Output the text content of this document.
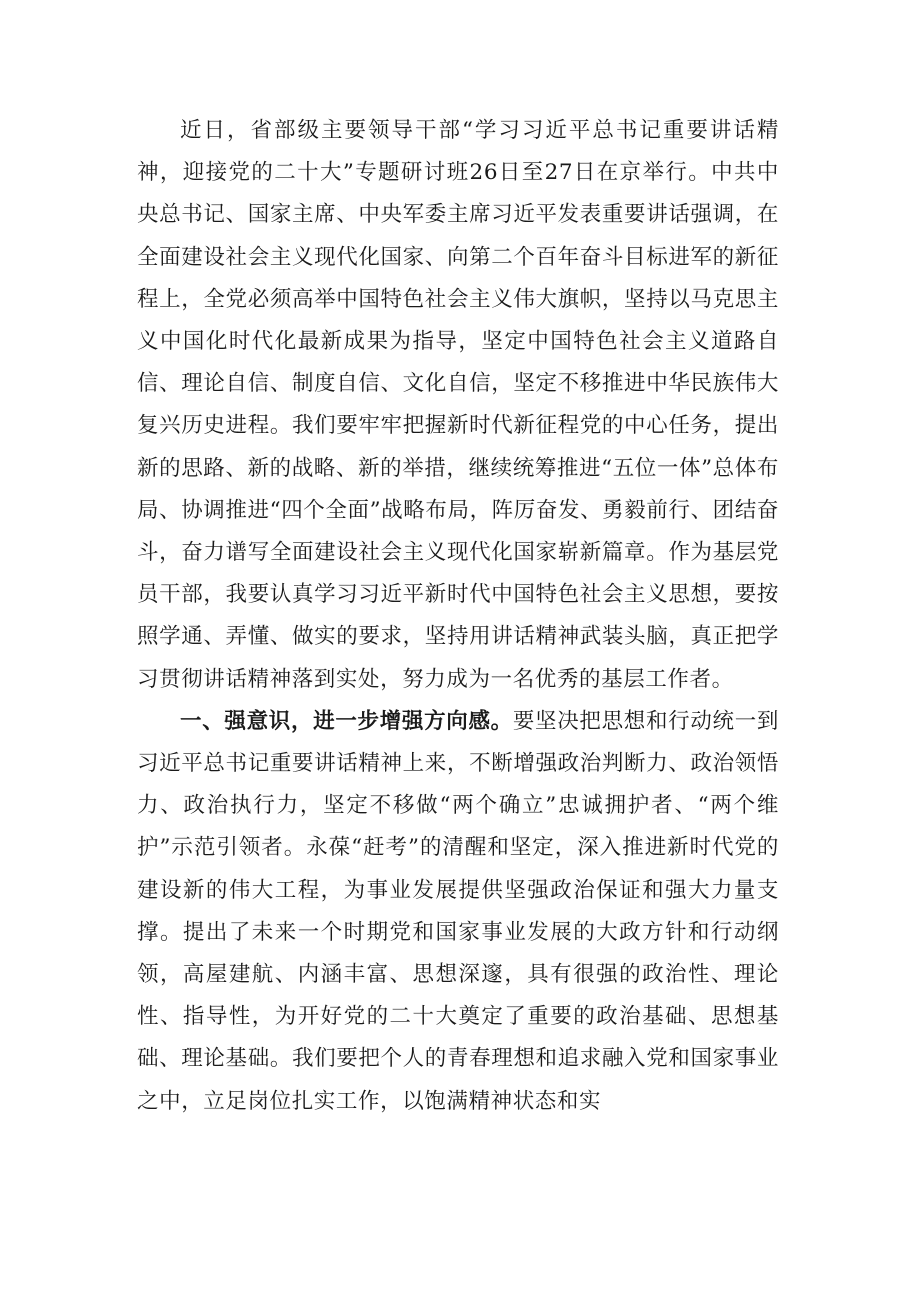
近日，省部级主要领导干部“学习习近平总书记重要讲话精神，迎接党的二十大”专题研讨班26日至27日在京举行。中共中央总书记、国家主席、中央军委主席习近平发表重要讲话强调，在全面建设社会主义现代化国家、向第二个百年奋斗目标进军的新征程上，全党必须高举中国特色社会主义伟大旗帜，坚持以马克思主义中国化时代化最新成果为指导，坚定中国特色社会主义道路自信、理论自信、制度自信、文化自信，坚定不移推进中华民族伟大复兴历史进程。我们要牢牢把握新时代新征程党的中心任务，提出新的思路、新的战略、新的举措，继续统筹推进“五位一体”总体布局、协调推进“四个全面”战略布局，阵厉奋发、勇毅前行、团结奋斗，奋力谱写全面建设社会主义现代化国家崭新篇章。作为基层党员干部，我要认真学习习近平新时代中国特色社会主义思想，要按照学通、弄懂、做实的要求，坚持用讲话精神武装头脑，真正把学习贯彻讲话精神落到实处，努力成为一名优秀的基层工作者。

一、强意识，进一步增强方向感。要坚决把思想和行动统一到习近平总书记重要讲话精神上来，不断增强政治判断力、政治领悟力、政治执行力，坚定不移做“两个确立”忠诚拥护者、“两个维护”示范引领者。永葆“赶考”的清醒和坚定，深入推进新时代党的建设新的伟大工程，为事业发展提供坚强政治保证和强大力量支撑。提出了未来一个时期党和国家事业发展的大政方针和行动纲领，高屋建航、内涵丰富、思想深邃，具有很强的政治性、理论性、指导性，为开好党的二十大奠定了重要的政治基础、思想基础、理论基础。我们要把个人的青春理想和追求融入党和国家事业之中，立足岗位扎实工作，以饱满精神状态和实
